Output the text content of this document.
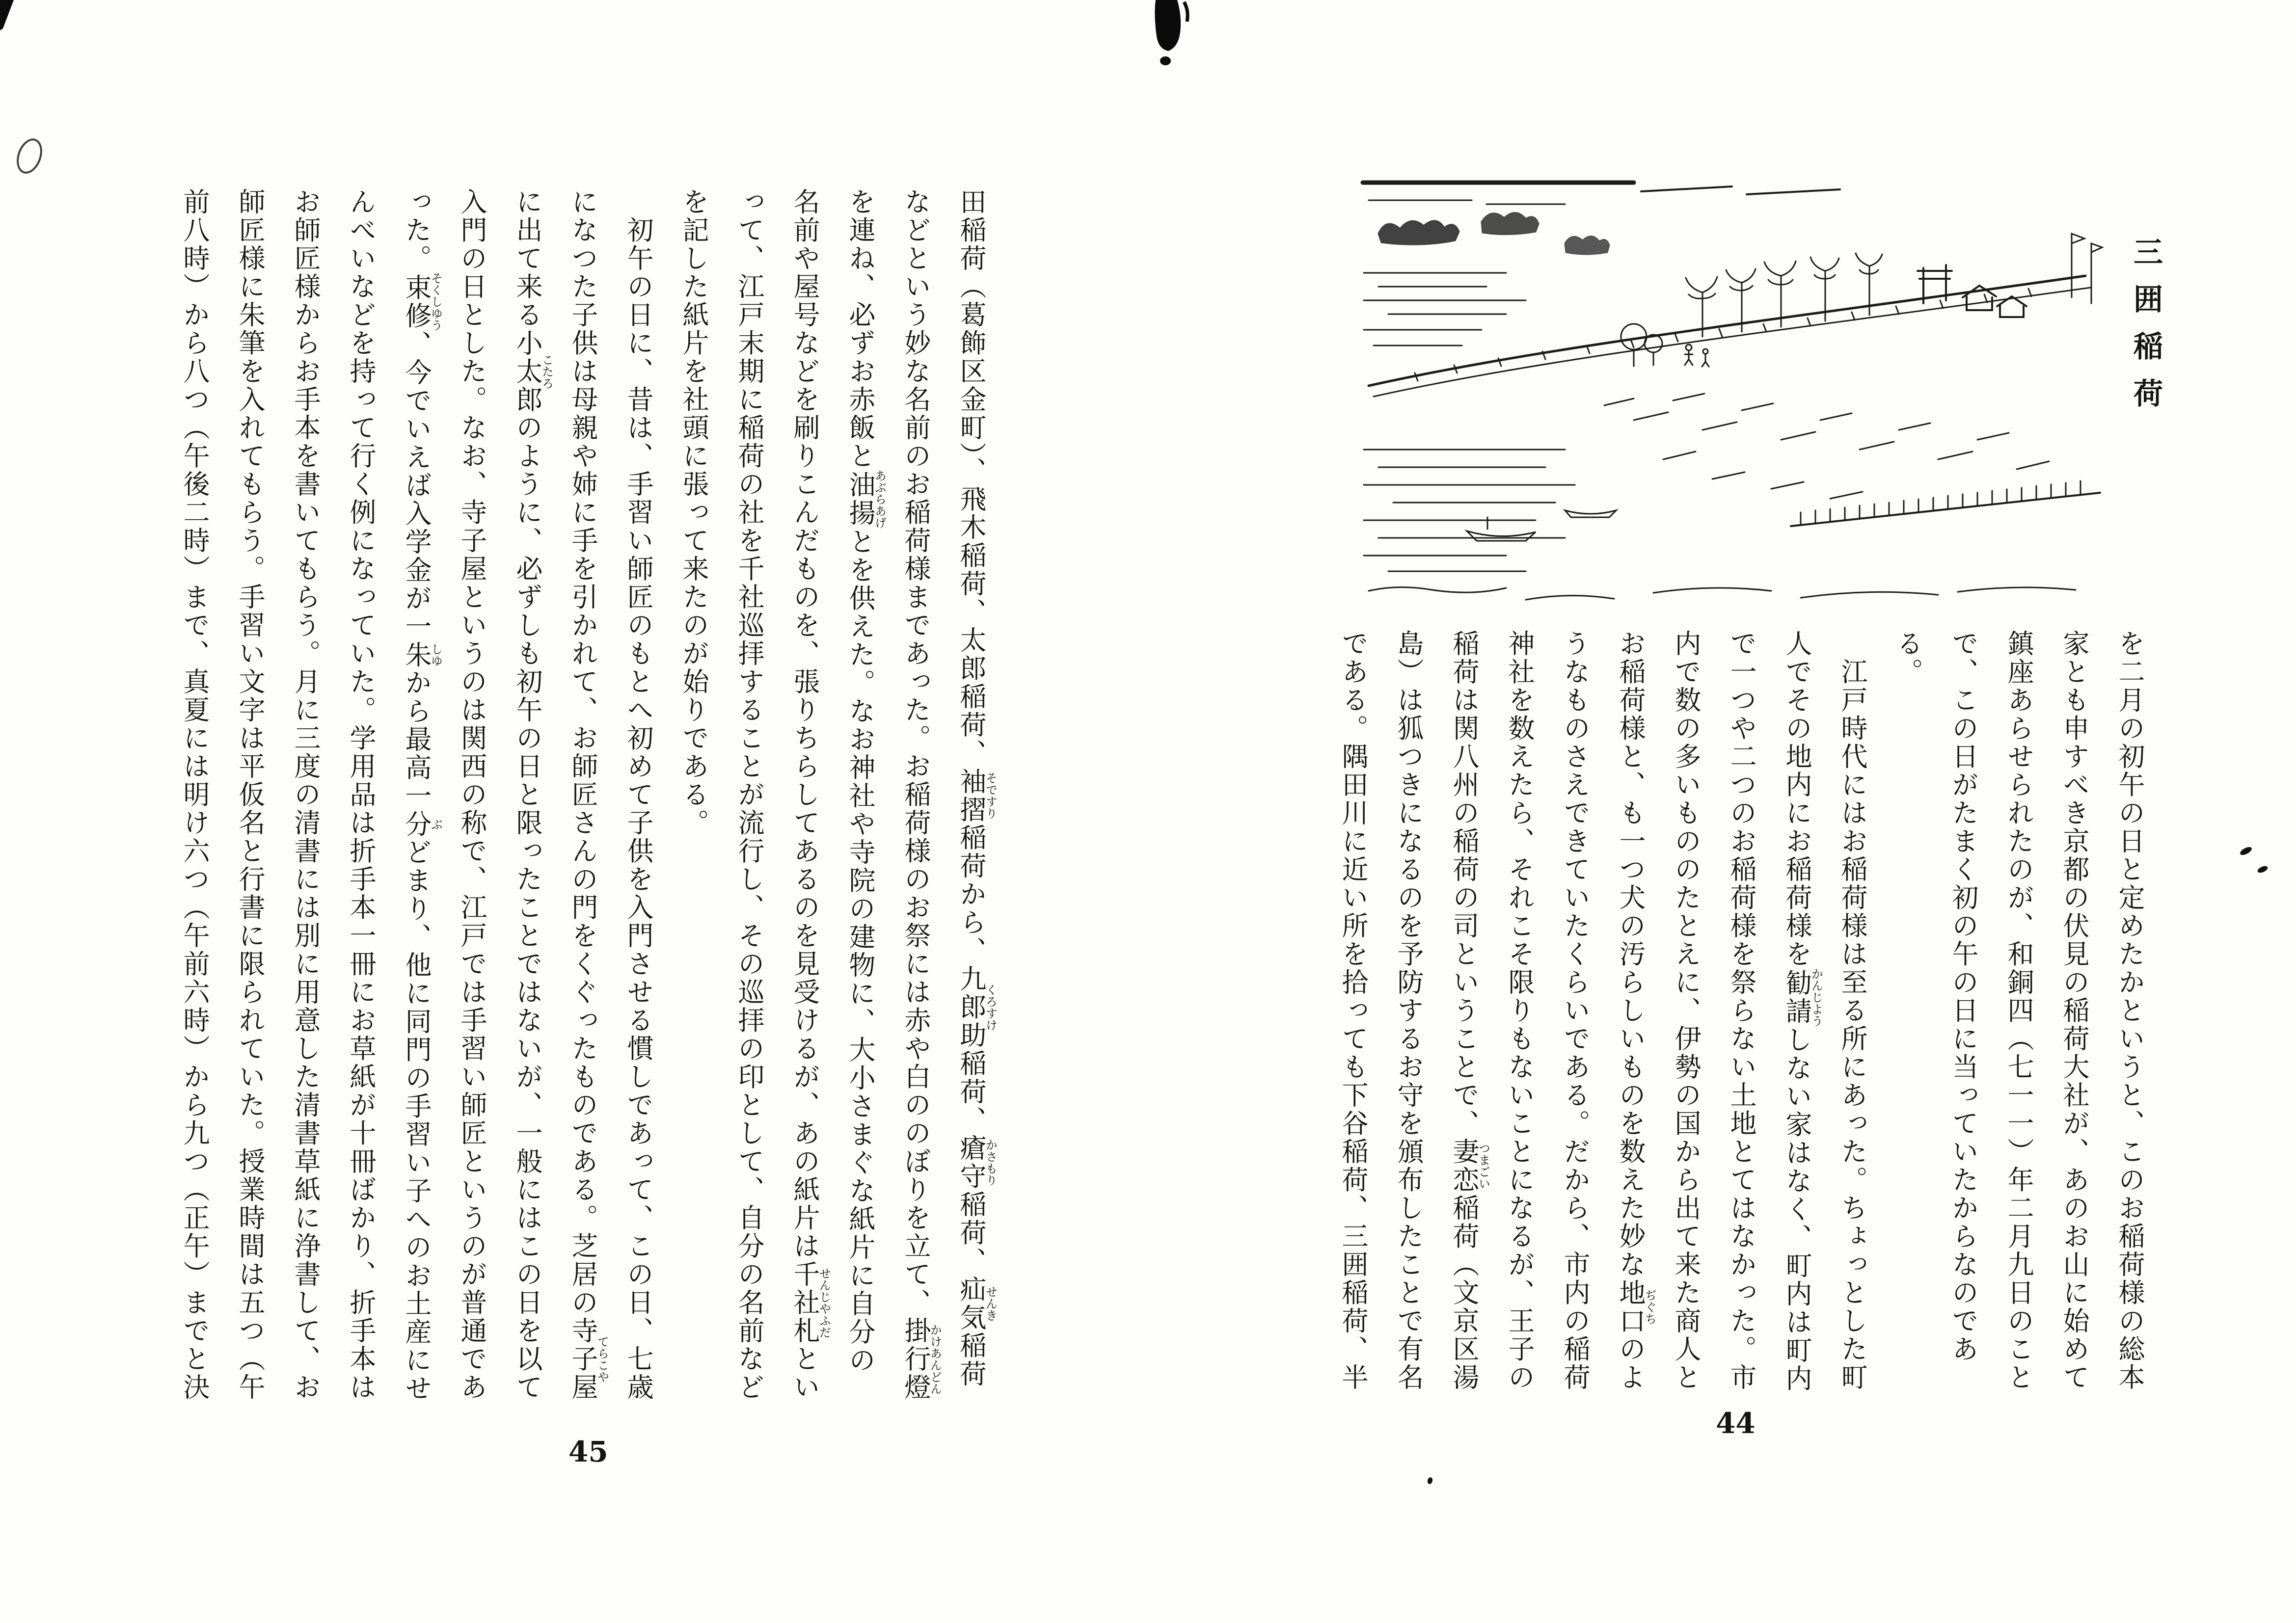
三囲稲荷

を二月の初午の日と定めたかというと、このお稲荷様の総本

家とも申すべき京都の伏見の稲荷大社が、あのお山に始めて

鎮座あらせられたのが、和銅四（七一一）年二月九日のこと

で、この日がたまく初の午の日に当っていたからなのであ

る。

　江戸時代にはお稲荷様は至る所にあった。ちょっとした町

人でその地内にお稲荷様を勧請かんじようしない家はなく、町内は町内

で一つや二つのお稲荷様を祭らない土地とてはなかった。市

内で数の多いもののたとえに、伊勢の国から出て来た商人と

お稲荷様と、も一つ犬の汚らしいものを数えた妙な地口ぢぐちのよ

うなものさえできていたくらいである。だから、市内の稲荷

神社を数えたら、それこそ限りもないことになるが、王子の

稲荷は関八州の稲荷の司ということで、妻恋つまごい稲荷（文京区湯

島）は狐つきになるのを予防するお守を頒布したことで有名

である。隅田川に近い所を拾っても下谷稲荷、三囲稲荷、半

44

田稲荷（葛飾区金町）、飛木稲荷、太郎稲荷、袖摺そですり稲荷から、九郎助くろすけ稲荷、瘡守かさもり稲荷、疝気せんき稲荷

などという妙な名前のお稲荷様まであった。お稲荷様のお祭には赤や白ののぼりを立て、掛行燈かけあんどん

を連ね、必ずお赤飯と油揚あぶらあげとを供えた。なお神社や寺院の建物に、大小さまぐな紙片に自分の

名前や屋号などを刷りこんだものを、張りちらしてあるのを見受けるが、あの紙片は千社札せんじやふだとい

って、江戸末期に稲荷の社を千社巡拝することが流行し、その巡拝の印として、自分の名前など

を記した紙片を社頭に張って来たのが始りである。

　初午の日に、昔は、手習い師匠のもとへ初めて子供を入門させる慣しであって、この日、七歳

になつた子供は母親や姉に手を引かれて、お師匠さんの門をくぐったものである。芝居の寺子屋てらこや

に出て来る小太郎こたろのように、必ずしも初午の日と限ったことではないが、一般にはこの日を以て

入門の日とした。なお、寺子屋というのは関西の称で、江戸では手習い師匠というのが普通であ

った。束修そくしゆう、今でいえば入学金が一朱しゆから最高一分ぶどまり、他に同門の手習い子へのお土産にせ

んべいなどを持って行く例になっていた。学用品は折手本一冊にお草紙が十冊ばかり、折手本は

お師匠様からお手本を書いてもらう。月に三度の清書には別に用意した清書草紙に浄書して、お

師匠様に朱筆を入れてもらう。手習い文字は平仮名と行書に限られていた。授業時間は五つ（午

前八時）から八つ（午後二時）まで、真夏には明け六つ（午前六時）から九つ（正午）までと決

45
